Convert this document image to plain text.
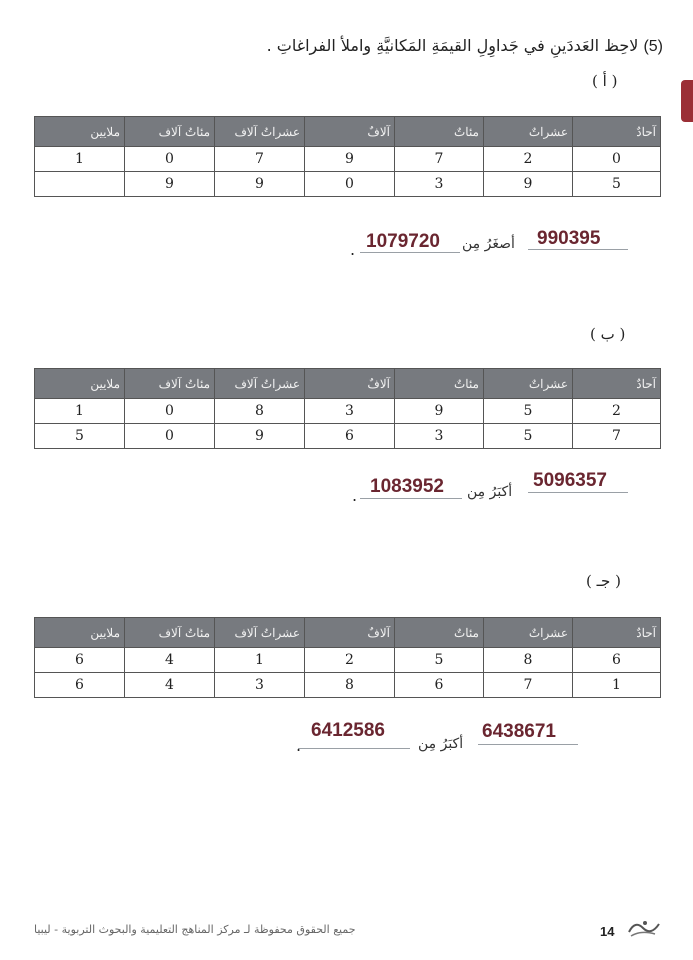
(5) لاحِظ العَددَينِ في جَداوِلِ القيمَةِ المَكانيَّةِ واملأ الفراغاتِ .
( أ )
ملايين	مئاتُ آلاف	عشراتُ آلاف	آلافٌ	مئاتٌ	عشراتٌ	آحادٌ
1	0	7	9	7	2	0
	9	9	0	3	9	5
990395
أصغَرُ مِن
1079720
.
( ب )
ملايين	مئاتُ آلاف	عشراتُ آلاف	آلافٌ	مئاتٌ	عشراتٌ	آحادٌ
1	0	8	3	9	5	2
5	0	9	6	3	5	7
5096357
أكبَرُ مِن
1083952
.
( جـ )
ملايين	مئاتُ آلاف	عشراتُ آلاف	آلافٌ	مئاتٌ	عشراتٌ	آحادٌ
6	4	1	2	5	8	6
6	4	3	8	6	7	1
6438671
أكبَرُ مِن
6412586
.
جميع الحقوق محفوظة لـ مركز المناهج التعليمية والبحوث التربوية - ليبيا	14
